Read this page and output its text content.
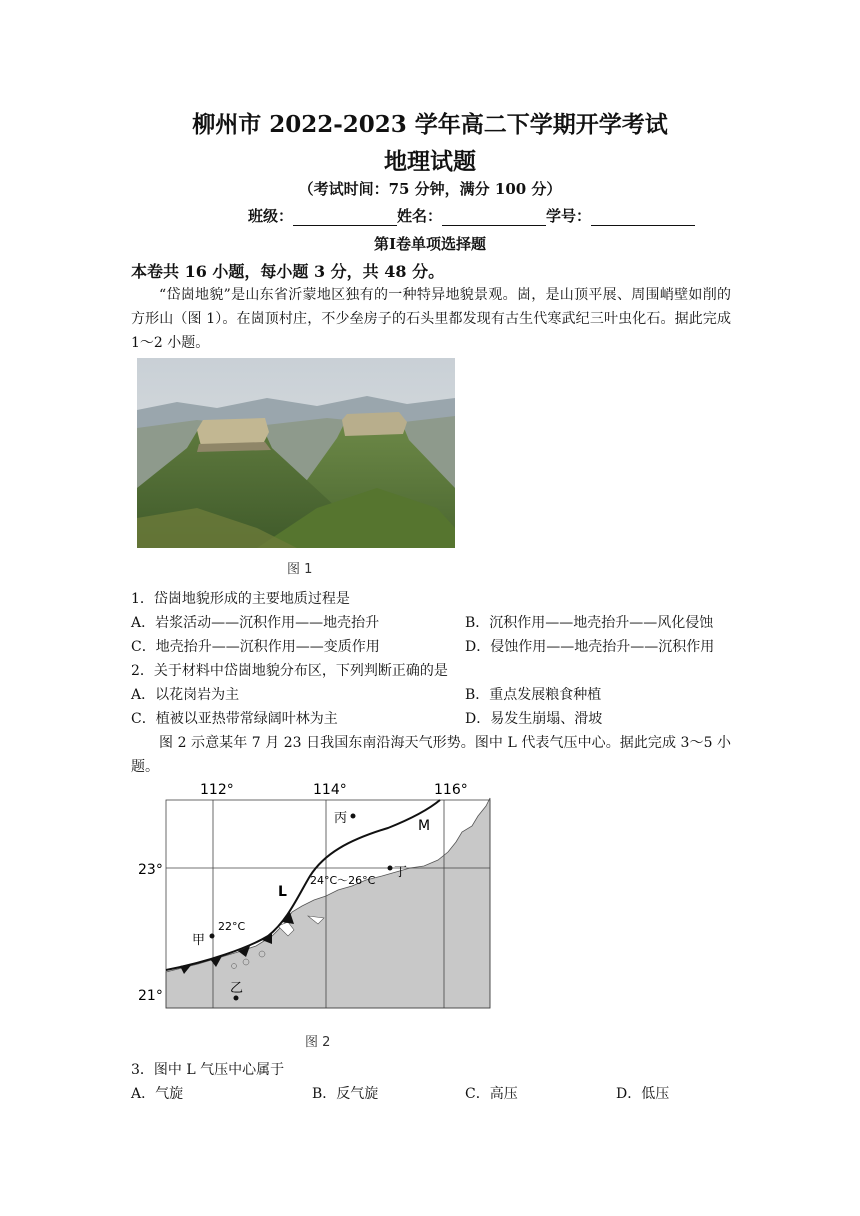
柳州市 2022-2023 学年高二下学期开学考试
地理试题
（考试时间：75 分钟，满分 100 分）
班级：	姓名：	学号：
第Ⅰ卷单项选择题
本卷共 16 小题，每小题 3 分，共 48 分。
“岱崮地貌”是山东省沂蒙地区独有的一种特异地貌景观。崮，是山顶平展、周围峭壁如削的方形山（图 1）。在崮顶村庄，不少垒房子的石头里都发现有古生代寒武纪三叶虫化石。据此完成 1～2 小题。
图 1
1．岱崮地貌形成的主要地质过程是
A．岩浆活动——沉积作用——地壳抬升	B．沉积作用——地壳抬升——风化侵蚀
C．地壳抬升——沉积作用——变质作用	D．侵蚀作用——地壳抬升——沉积作用
2．关于材料中岱崮地貌分布区，下列判断正确的是
A．以花岗岩为主	B．重点发展粮食种植
C．植被以亚热带常绿阔叶林为主	D．易发生崩塌、滑坡
图 2 示意某年 7 月 23 日我国东南沿海天气形势。图中 L 代表气压中心。据此完成 3～5 小题。
112°	114°	116°
23°
21°
丙	M
丁
24°C～26°C
L
22°C
甲
乙
图 2
3．图中 L 气压中心属于
A．气旋	B．反气旋	C．高压	D．低压
